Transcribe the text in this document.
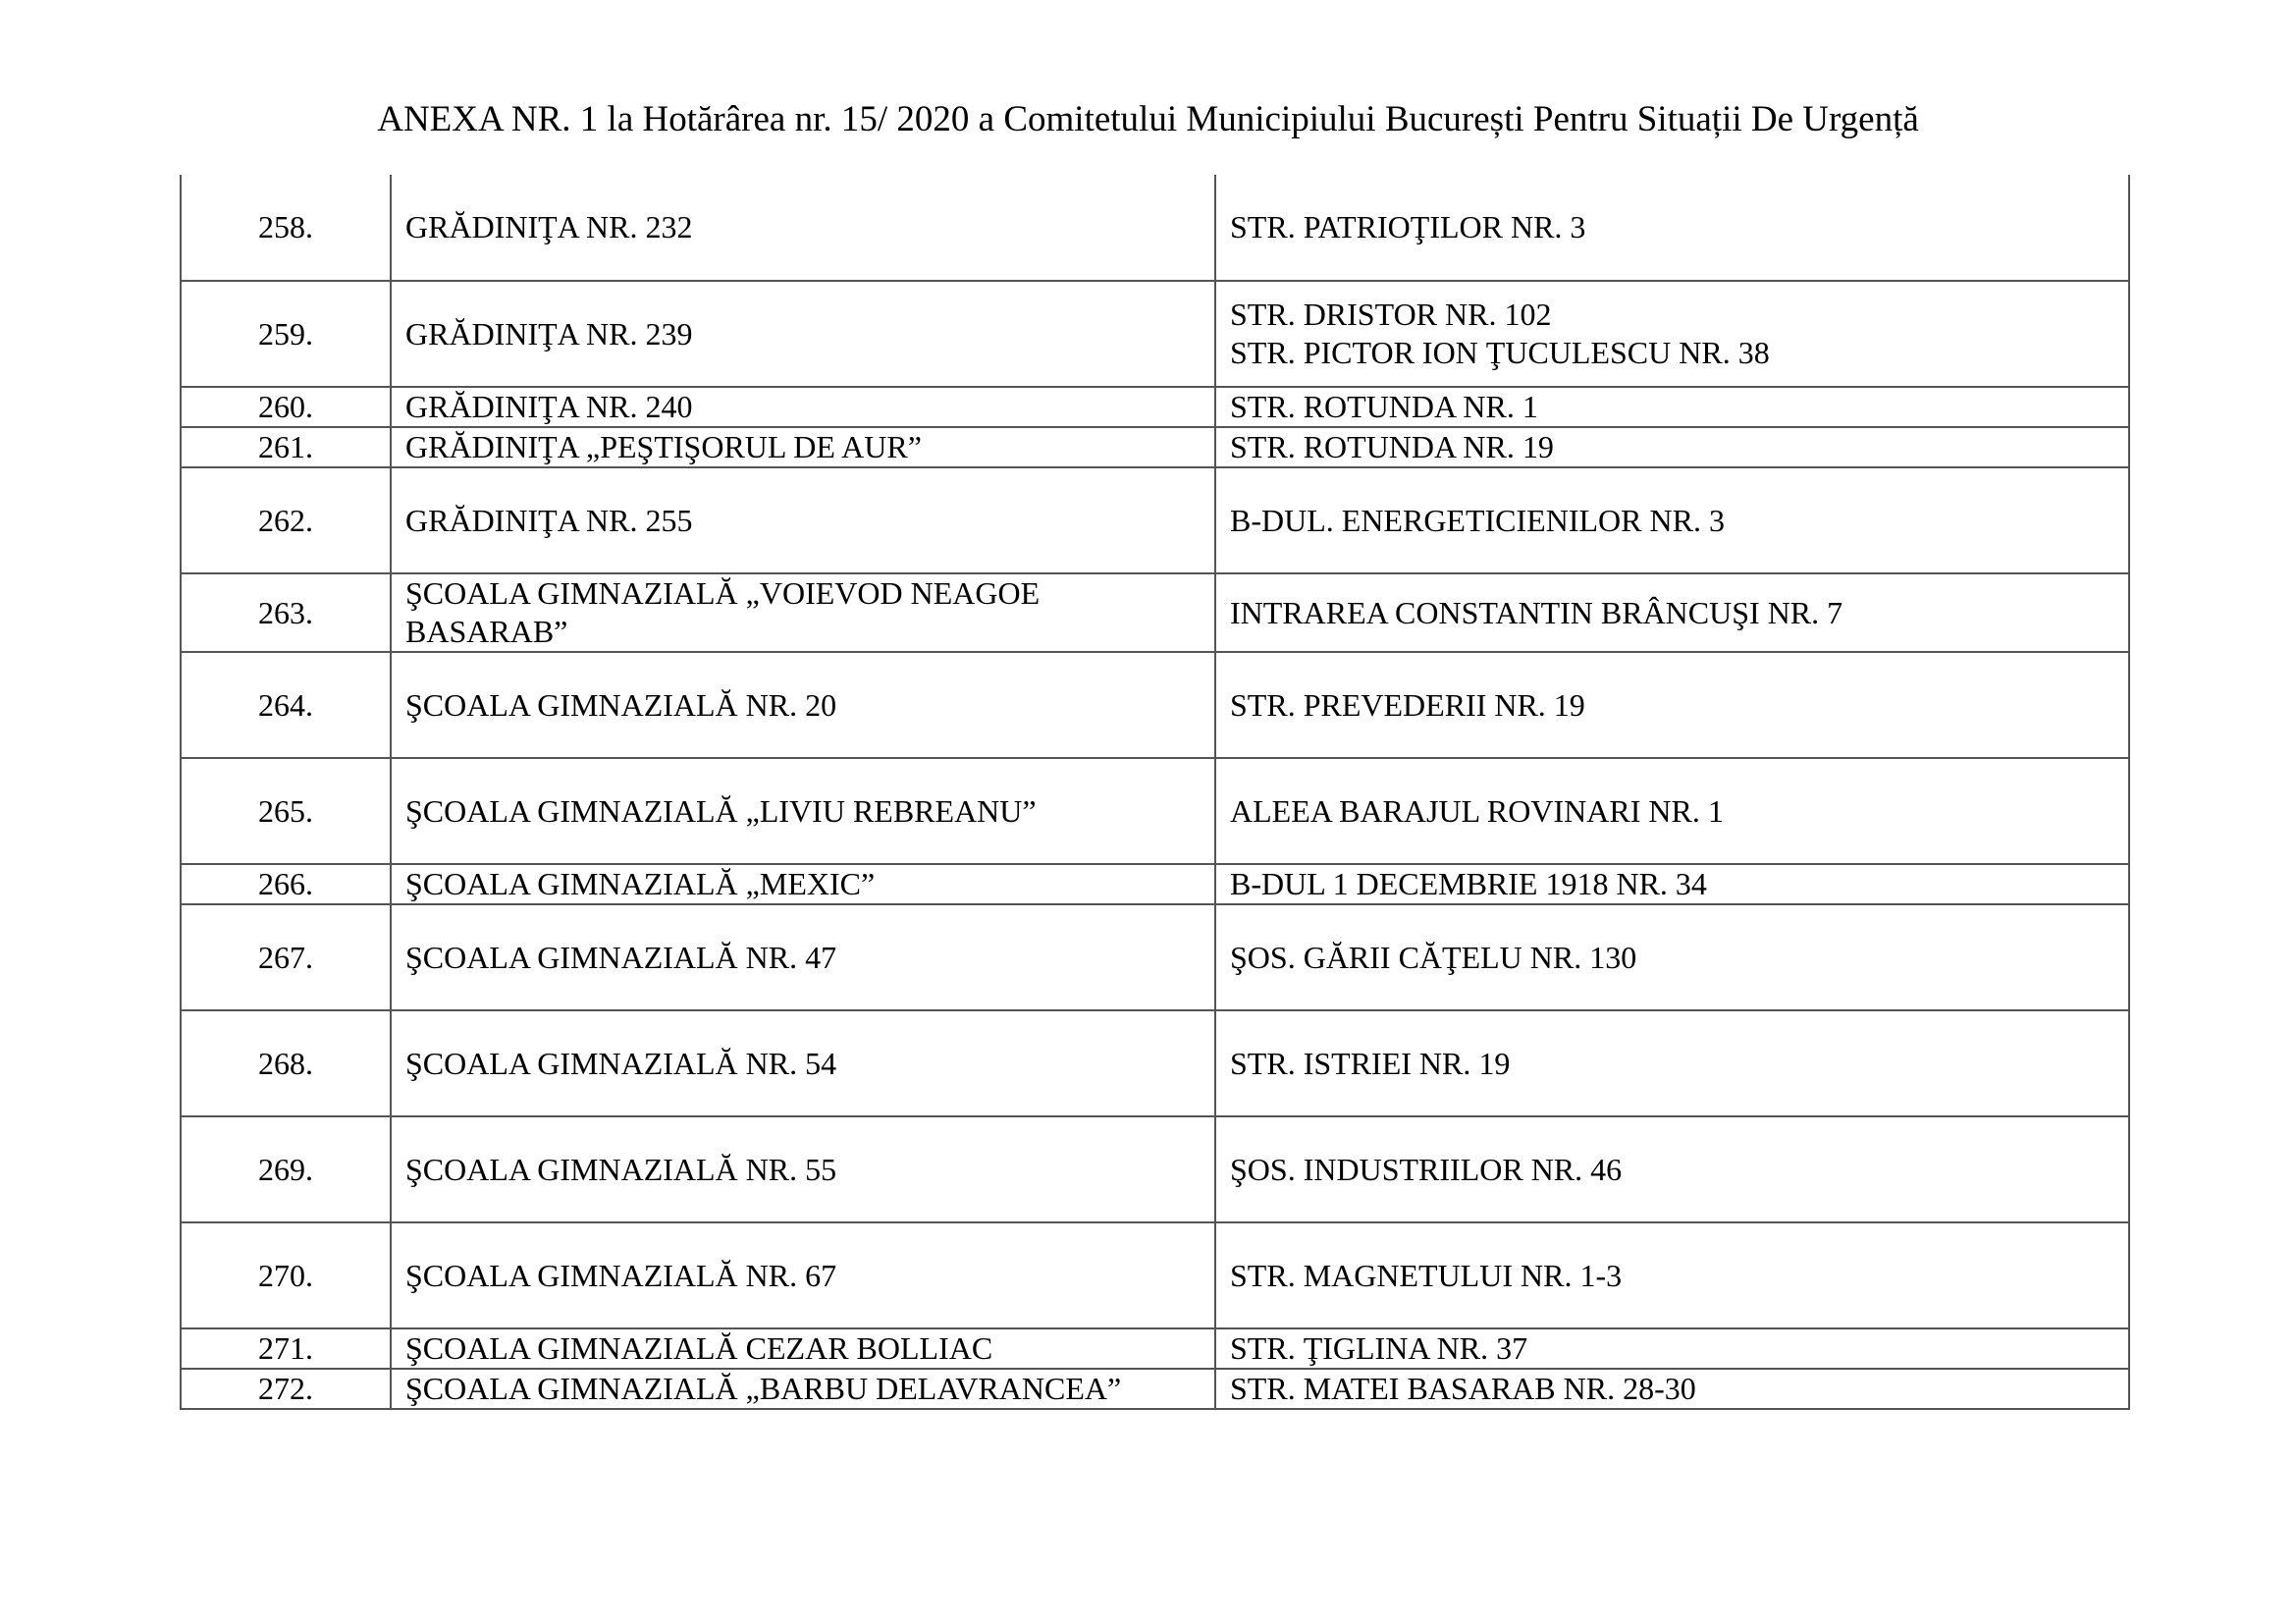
ANEXA NR. 1 la Hotărârea nr. 15/ 2020 a Comitetului Municipiului București Pentru Situații De Urgență
258.	GRĂDINIŢA NR. 232	STR. PATRIOŢILOR NR. 3

259.	GRĂDINIŢA NR. 239	STR. DRISTOR NR. 102
STR. PICTOR ION ŢUCULESCU NR. 38

260.	GRĂDINIŢA NR. 240	STR. ROTUNDA NR. 1

261.	GRĂDINIŢA „PEŞTIŞORUL DE AUR”	STR. ROTUNDA NR. 19

262.	GRĂDINIŢA NR. 255	B-DUL. ENERGETICIENILOR NR. 3

263.	ŞCOALA GIMNAZIALĂ „VOIEVOD NEAGOE BASARAB”	INTRAREA CONSTANTIN BRÂNCUŞI NR. 7

264.	ŞCOALA GIMNAZIALĂ NR. 20	STR. PREVEDERII NR. 19

265.	ŞCOALA GIMNAZIALĂ „LIVIU REBREANU”	ALEEA BARAJUL ROVINARI NR. 1

266.	ŞCOALA GIMNAZIALĂ „MEXIC”	B-DUL 1 DECEMBRIE 1918 NR. 34

267.	ŞCOALA GIMNAZIALĂ NR. 47	ŞOS. GĂRII CĂŢELU NR. 130

268.	ŞCOALA GIMNAZIALĂ NR. 54	STR. ISTRIEI NR. 19

269.	ŞCOALA GIMNAZIALĂ NR. 55	ŞOS. INDUSTRIILOR NR. 46

270.	ŞCOALA GIMNAZIALĂ NR. 67	STR. MAGNETULUI NR. 1-3

271.	ŞCOALA GIMNAZIALĂ CEZAR BOLLIAC	STR. ŢIGLINA NR. 37

272.	ŞCOALA GIMNAZIALĂ „BARBU DELAVRANCEA”	STR. MATEI BASARAB NR. 28-30
